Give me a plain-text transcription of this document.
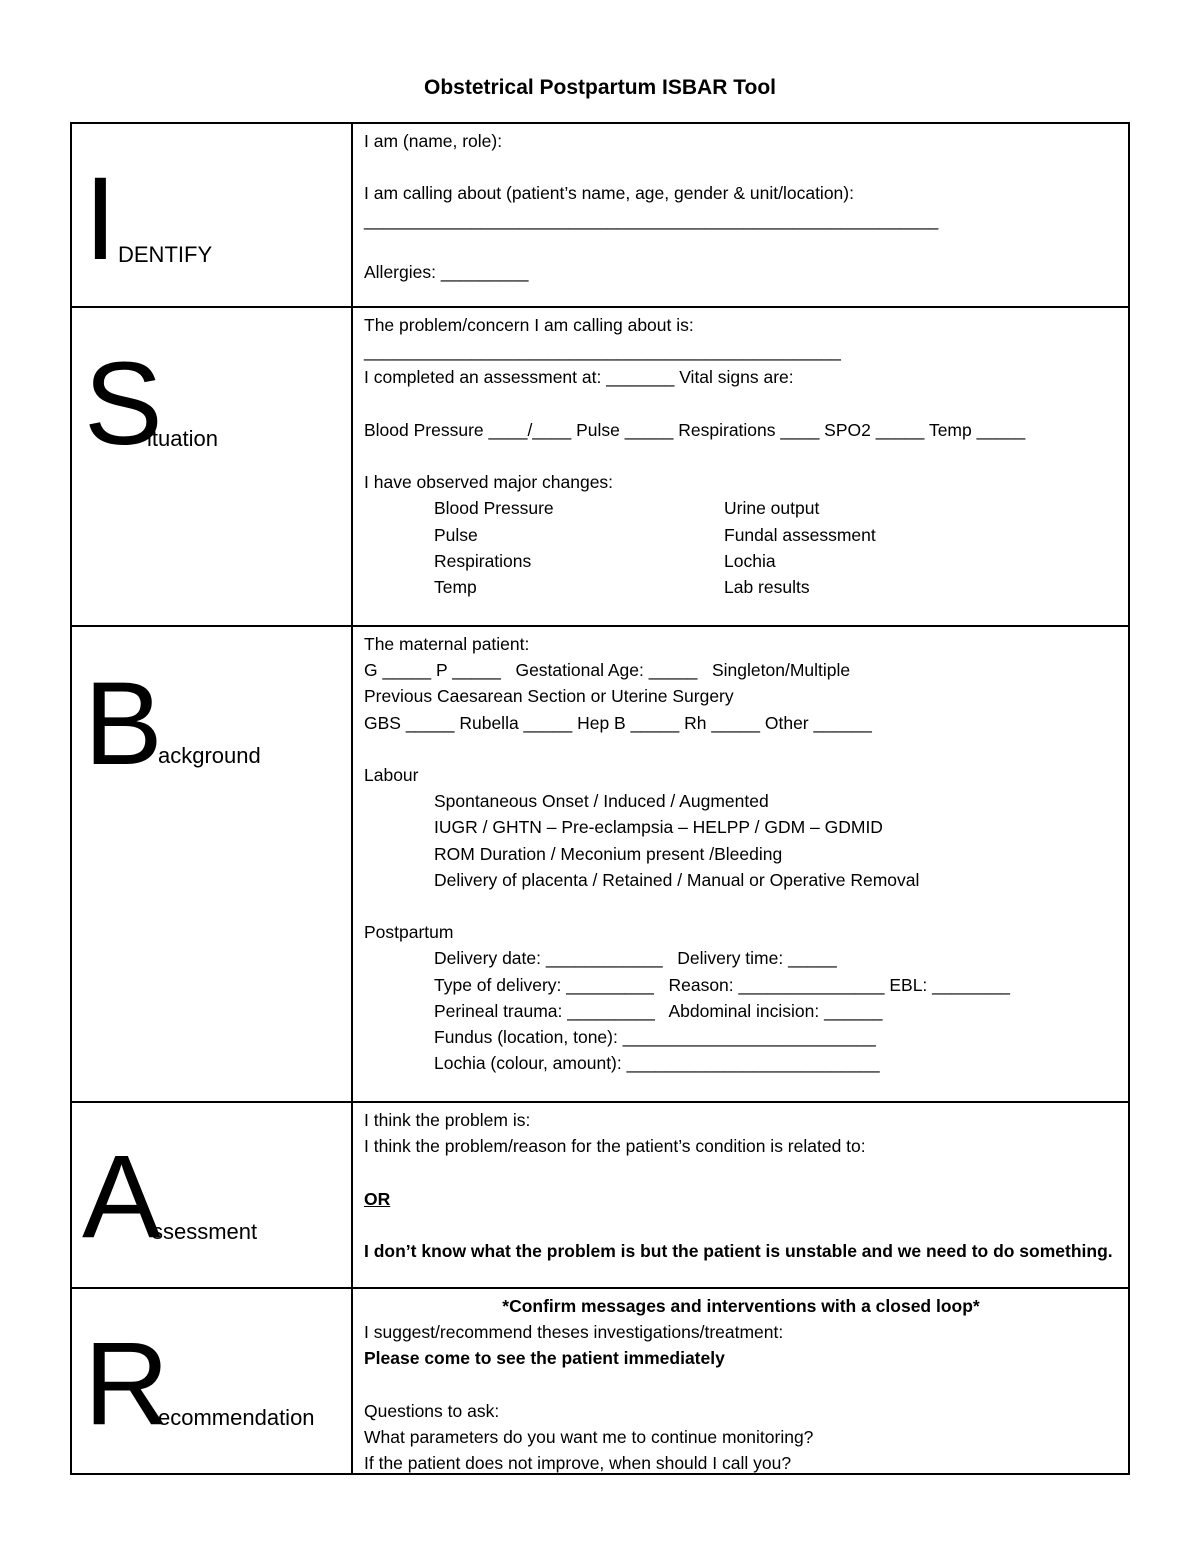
Obstetrical Postpartum ISBAR Tool
I DENTIFY
I am (name, role):
I am calling about (patient’s name, age, gender & unit/location):
___________________________________________________________
Allergies: _________
S
ituation
The problem/concern I am calling about is:
_________________________________________________
I completed an assessment at: _______ Vital signs are:
Blood Pressure ____/____ Pulse _____ Respirations ____ SPO2 _____ Temp _____
I have observed major changes:
Blood Pressure
Pulse
Respirations
Temp
Urine output
Fundal assessment
Lochia
Lab results
B
ackground
The maternal patient:
G _____ P _____   Gestational Age: _____   Singleton/Multiple
Previous Caesarean Section or Uterine Surgery
GBS _____ Rubella _____ Hep B _____ Rh _____ Other ______
Labour
Spontaneous Onset / Induced / Augmented
IUGR / GHTN – Pre-eclampsia – HELPP / GDM – GDMID
ROM Duration / Meconium present /Bleeding
Delivery of placenta / Retained / Manual or Operative Removal
Postpartum
Delivery date: ____________   Delivery time: _____
Type of delivery: _________   Reason: _______________ EBL: ________
Perineal trauma: _________   Abdominal incision: ______
Fundus (location, tone): __________________________
Lochia (colour, amount): __________________________
A
ssessment
I think the problem is:
I think the problem/reason for the patient’s condition is related to:
OR
I don’t know what the problem is but the patient is unstable and we need to do something.
R
ecommendation
*Confirm messages and interventions with a closed loop*
I suggest/recommend theses investigations/treatment:
Please come to see the patient immediately
Questions to ask:
What parameters do you want me to continue monitoring?
If the patient does not improve, when should I call you?
